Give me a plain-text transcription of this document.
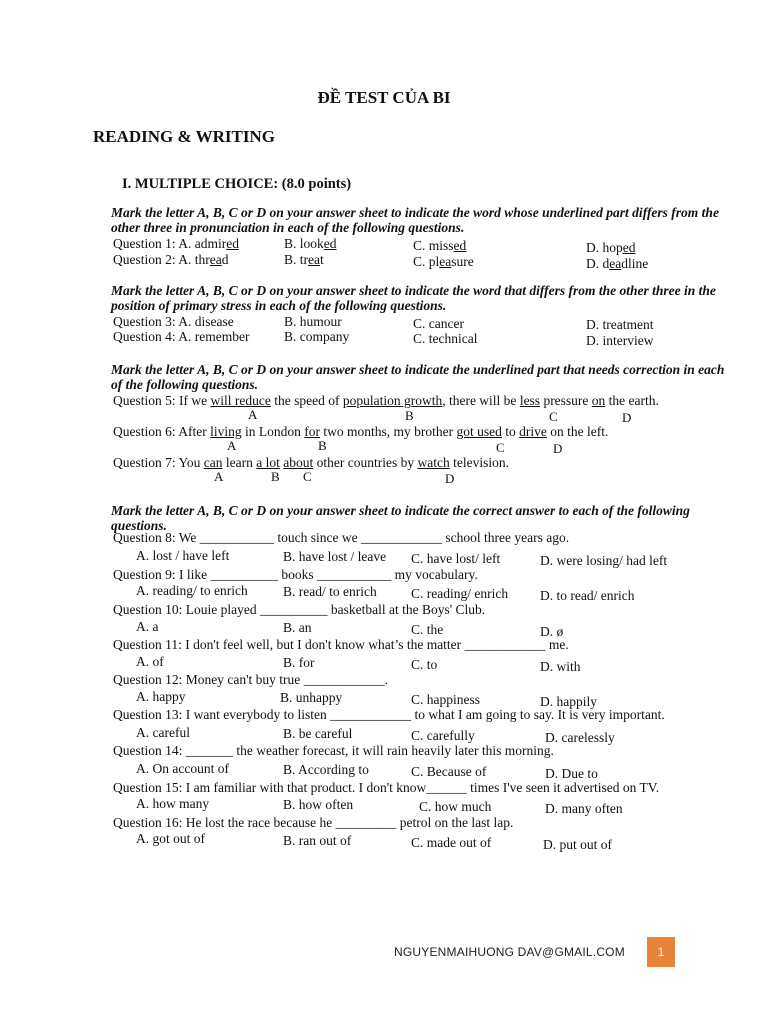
ĐỀ TEST CỦA BI
READING & WRITING
I. MULTIPLE CHOICE: (8.0 points)
Mark the letter A, B, C or D on your answer sheet to indicate the word whose underlined part differs from the other three in pronunciation in each of the following questions.
Question 1: A. admired	B. looked	C. missed	D. hoped
Question 2: A. thread	B. treat	C. pleasure	D. deadline
Mark the letter A, B, C or D on your answer sheet to indicate the word that differs from the other three in the position of primary stress in each of the following questions.
Question 3: A. disease	B. humour	C. cancer	D. treatment
Question 4: A. remember	B. company	C. technical	D. interview
Mark the letter A, B, C or D on your answer sheet to indicate the underlined part that needs correction in each of the following questions.
Question 5: If we will reduce the speed of population growth, there will be less pressure on the earth.
A	B	C	D
Question 6: After living in London for two months, my brother got used to drive on the left.
A	B	C	D
Question 7: You can learn a lot about other countries by watch television.
A	B C	D
Mark the letter A, B, C or D on your answer sheet to indicate the correct answer to each of the following questions.
Question 8: We ___________ touch since we ____________ school three years ago.
A. lost / have left	B. have lost / leave C. have lost/ left	D. were losing/ had left
Question 9: I like __________ books ___________ my vocabulary.
A. reading/ to enrich	B. read/ to enrich	C. reading/ enrich D. to read/ enrich
Question 10: Louie played __________ basketball at the Boys' Club.
A. a	B. an	C. the	D. ø
Question 11: I don't feel well, but I don't know what’s the matter ____________ me.
A. of	B. for	C. to	D. with
Question 12: Money can't buy true ____________.
A. happy	B. unhappy	C. happiness	D. happily
Question 13: I want everybody to listen ____________ to what I am going to say. It is very important.
A. careful	B. be careful	C. carefully	D. carelessly
Question 14: _______ the weather forecast, it will rain heavily later this morning.
A. On account of	B. According to	C. Because of	D. Due to
Question 15: I am familiar with that product. I don't know______ times I've seen it advertised on TV.
A. how many	B. how often	C. how much	D. many often
Question 16: He lost the race because he _________ petrol on the last lap.
A. got out of	B. ran out of	C. made out of	D. put out of
NGUYENMAIHUONG DAV@GMAIL.COM	1
